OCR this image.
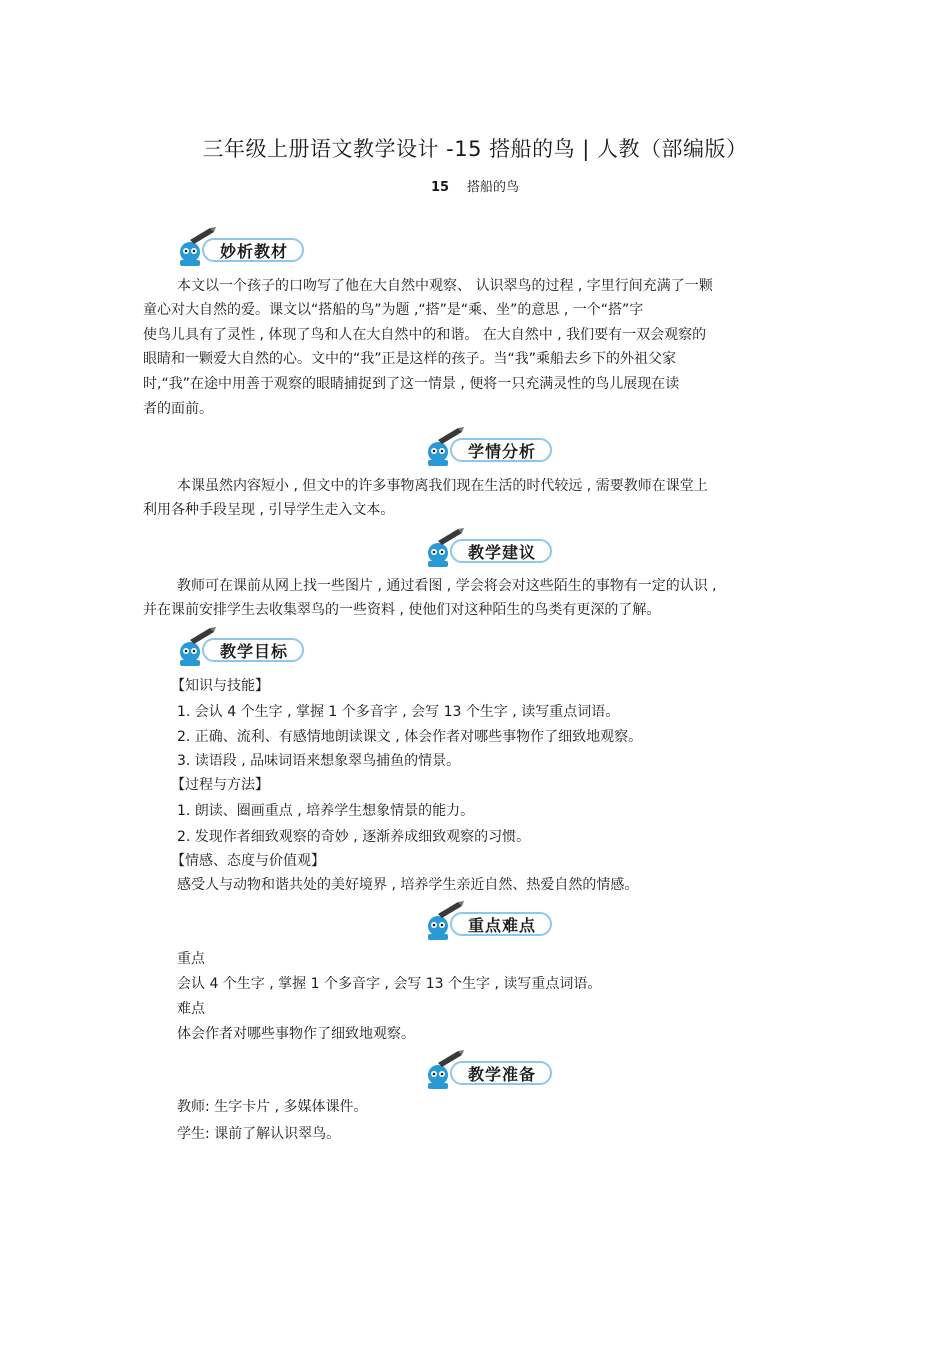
三年级上册语文教学设计 -15 搭船的鸟 | 人教（部编版）
15 搭船的鸟
妙析教材
本文以一个孩子的口吻写了他在大自然中观察、 认识翠鸟的过程 , 字里行间充满了一颗
童心对大自然的爱。课文以“搭船的鸟”为题 ,“搭”是“乘、坐”的意思 , 一个“搭”字
使鸟儿具有了灵性 , 体现了鸟和人在大自然中的和谐。 在大自然中 , 我们要有一双会观察的
眼睛和一颗爱大自然的心。文中的“我”正是这样的孩子。当“我”乘船去乡下的外祖父家
时,“我”在途中用善于观察的眼睛捕捉到了这一情景 , 便将一只充满灵性的鸟儿展现在读
者的面前。
学情分析
本课虽然内容短小 , 但文中的许多事物离我们现在生活的时代较远 , 需要教师在课堂上
利用各种手段呈现 , 引导学生走入文本。
教学建议
教师可在课前从网上找一些图片 , 通过看图 , 学会将会对这些陌生的事物有一定的认识 ,
并在课前安排学生去收集翠鸟的一些资料 , 使他们对这种陌生的鸟类有更深的了解。
教学目标
【知识与技能】
1. 会认 4 个生字 , 掌握 1 个多音字 , 会写 13 个生字 , 读写重点词语。
2. 正确、流利、有感情地朗读课文 , 体会作者对哪些事物作了细致地观察。
3. 读语段 , 品味词语来想象翠鸟捕鱼的情景。
【过程与方法】
1. 朗读、圈画重点 , 培养学生想象情景的能力。
2. 发现作者细致观察的奇妙 , 逐渐养成细致观察的习惯。
【情感、态度与价值观】
感受人与动物和谐共处的美好境界 , 培养学生亲近自然、热爱自然的情感。
重点难点
重点
会认 4 个生字 , 掌握 1 个多音字 , 会写 13 个生字 , 读写重点词语。
难点
体会作者对哪些事物作了细致地观察。
教学准备
教师: 生字卡片 , 多媒体课件。
学生: 课前了解认识翠鸟。
